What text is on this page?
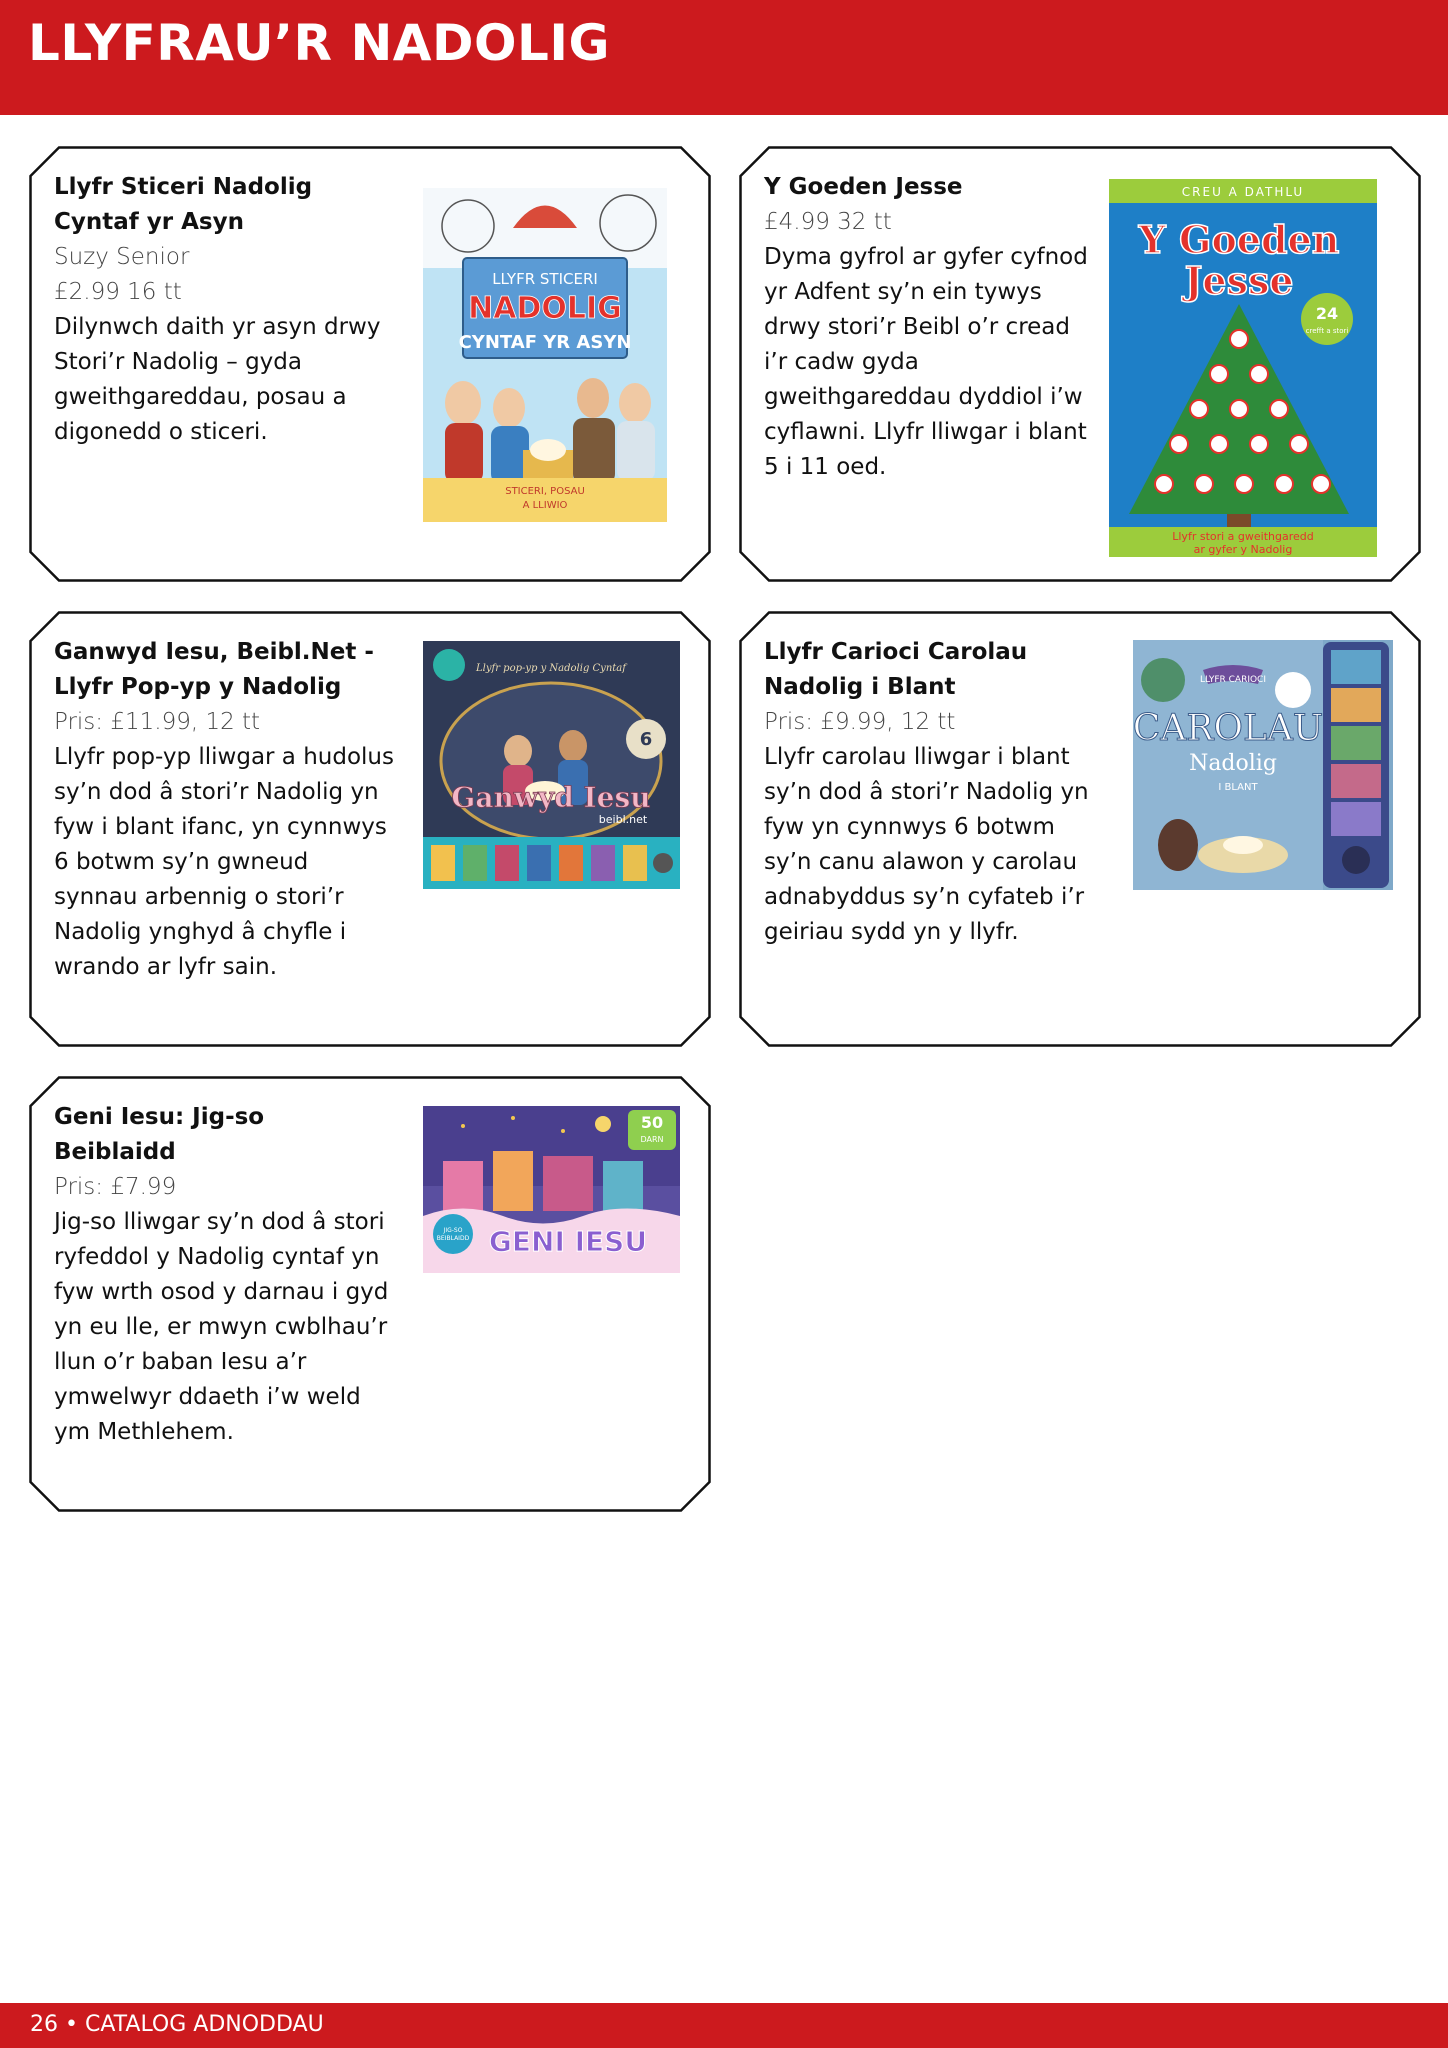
LLYFRAU’R NADOLIG
Llyfr Sticeri Nadolig Cyntaf yr Asyn
Suzy Senior
£2.99 16 tt
Dilynwch daith yr asyn drwy Stori’r Nadolig – gyda gweithgareddau, posau a digonedd o sticeri.
LLYFR STICERI
NADOLIG
CYNTAF YR ASYN
STICERI, POSAU
A LLIWIO
Y Goeden Jesse
£4.99 32 tt
Dyma gyfrol ar gyfer cyfnod yr Adfent sy’n ein tywys drwy stori’r Beibl o’r cread i’r cadw gyda gweithgareddau dyddiol i’w cyflawni. Llyfr lliwgar i blant 5 i 11 oed.
CREU A DATHLU
Y Goeden
Jesse
24
crefft a stori
Llyfr stori a gweithgaredd
ar gyfer y Nadolig
Ganwyd Iesu, Beibl.Net - Llyfr Pop-yp y Nadolig
Pris: £11.99, 12 tt
Llyfr pop-yp lliwgar a hudolus sy’n dod â stori’r Nadolig yn fyw i blant ifanc, yn cynnwys 6 botwm sy’n gwneud synnau arbennig o stori’r Nadolig ynghyd â chyfle i wrando ar lyfr sain.
Llyfr pop-yp y Nadolig Cyntaf
6
Ganwyd Iesu
beibl.net
Llyfr Carioci Carolau Nadolig i Blant
Pris: £9.99, 12 tt
Llyfr carolau lliwgar i blant sy’n dod â stori’r Nadolig yn fyw yn cynnwys 6 botwm sy’n canu alawon y carolau adnabyddus sy’n cyfateb i’r geiriau sydd yn y llyfr.
LLYFR CARIOCI
CAROLAU
Nadolig
I BLANT
Geni Iesu: Jig-so Beiblaidd
Pris: £7.99
Jig-so lliwgar sy’n dod â stori ryfeddol y Nadolig cyntaf yn fyw wrth osod y darnau i gyd yn eu lle, er mwyn cwblhau’r llun o’r baban Iesu a’r ymwelwyr ddaeth i’w weld ym Methlehem.
50
DARN
JIG-SO
BEIBLAIDD GENI IESU
26 • CATALOG ADNODDAU
